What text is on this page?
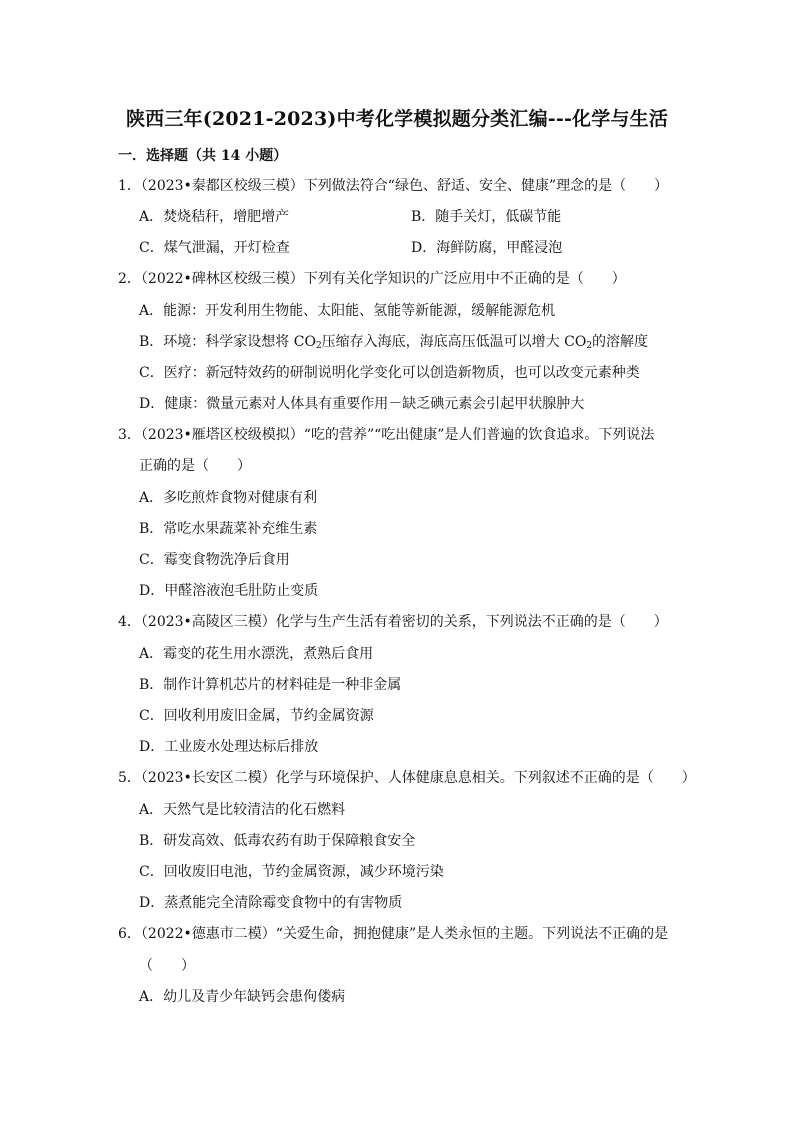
陕西三年(2021-2023)中考化学模拟题分类汇编---化学与生活
一．选择题（共 14 小题）
1．（2023•秦都区校级三模）下列做法符合“绿色、舒适、安全、健康”理念的是（　　）
A．焚烧秸秆，增肥增产	B．随手关灯，低碳节能
C．煤气泄漏，开灯检查	D．海鲜防腐，甲醛浸泡
2．（2022•碑林区校级三模）下列有关化学知识的广泛应用中不正确的是（　　）
A．能源：开发利用生物能、太阳能、氢能等新能源，缓解能源危机
B．环境：科学家设想将 $CO_2$压缩存入海底，海底高压低温可以增大 $CO_2$的溶解度
C．医疗：新冠特效药的研制说明化学变化可以创造新物质，也可以改变元素种类
D．健康：微量元素对人体具有重要作用－缺乏碘元素会引起甲状腺肿大
3．（2023•雁塔区校级模拟）“吃的营养”“吃出健康”是人们普遍的饮食追求。下列说法
正确的是（　　）
A．多吃煎炸食物对健康有利
B．常吃水果蔬菜补充维生素
C．霉变食物洗净后食用
D．甲醛溶液泡毛肚防止变质
4．（2023•高陵区三模）化学与生产生活有着密切的关系，下列说法不正确的是（　　）
A．霉变的花生用水漂洗，煮熟后食用
B．制作计算机芯片的材料硅是一种非金属
C．回收利用废旧金属，节约金属资源
D．工业废水处理达标后排放
5．（2023•长安区二模）化学与环境保护、人体健康息息相关。下列叙述不正确的是（　　）
A．天然气是比较清洁的化石燃料
B．研发高效、低毒农药有助于保障粮食安全
C．回收废旧电池，节约金属资源，减少环境污染
D．蒸煮能完全清除霉变食物中的有害物质
6．（2022•德惠市二模）“关爱生命，拥抱健康”是人类永恒的主题。下列说法不正确的是
（　　）
A．幼儿及青少年缺钙会患佝偻病
